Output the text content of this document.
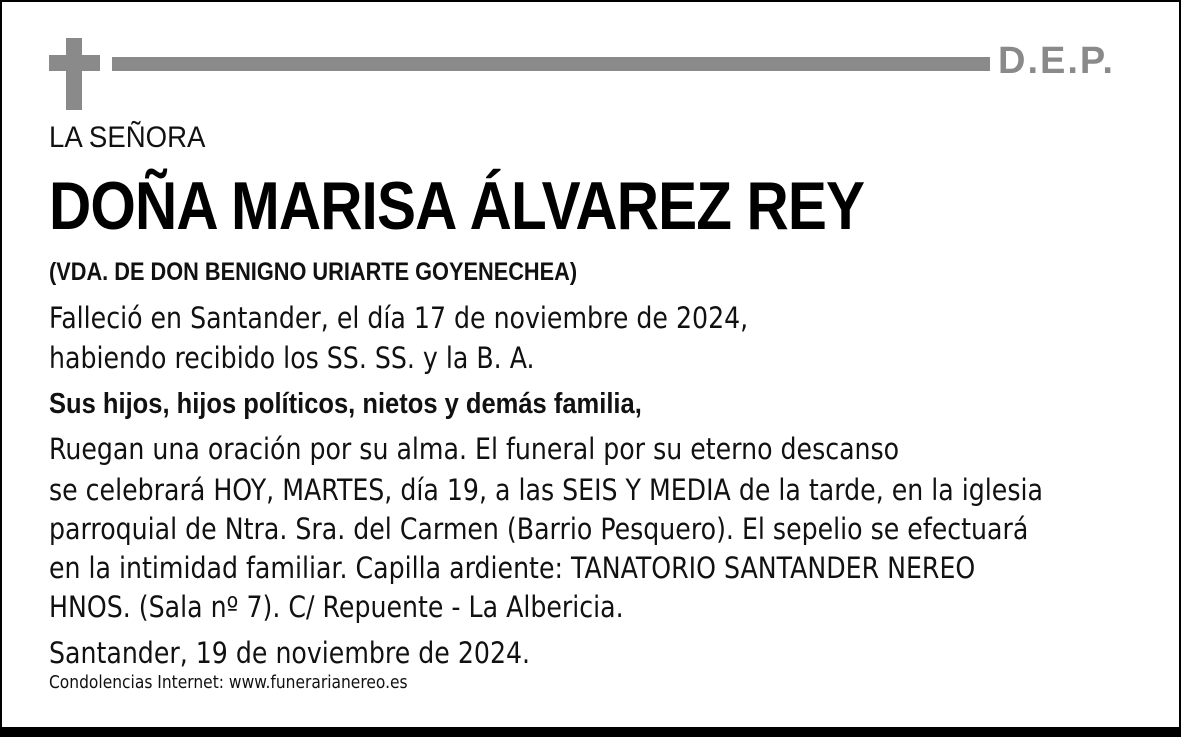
D.E.P.
LA SEÑORA
DOÑA MARISA ÁLVAREZ REY
(VDA. DE DON BENIGNO URIARTE GOYENECHEA)
Falleció en Santander, el día 17 de noviembre de 2024,
habiendo recibido los SS. SS. y la B. A.
Sus hijos, hijos políticos, nietos y demás familia,
Ruegan una oración por su alma. El funeral por su eterno descanso
se celebrará HOY, MARTES, día 19, a las SEIS Y MEDIA de la tarde, en la iglesia
parroquial de Ntra. Sra. del Carmen (Barrio Pesquero). El sepelio se efectuará
en la intimidad familiar. Capilla ardiente: TANATORIO SANTANDER NEREO
HNOS. (Sala nº 7). C/ Repuente - La Albericia.
Santander, 19 de noviembre de 2024.
Condolencias Internet: www.funerarianereo.es
